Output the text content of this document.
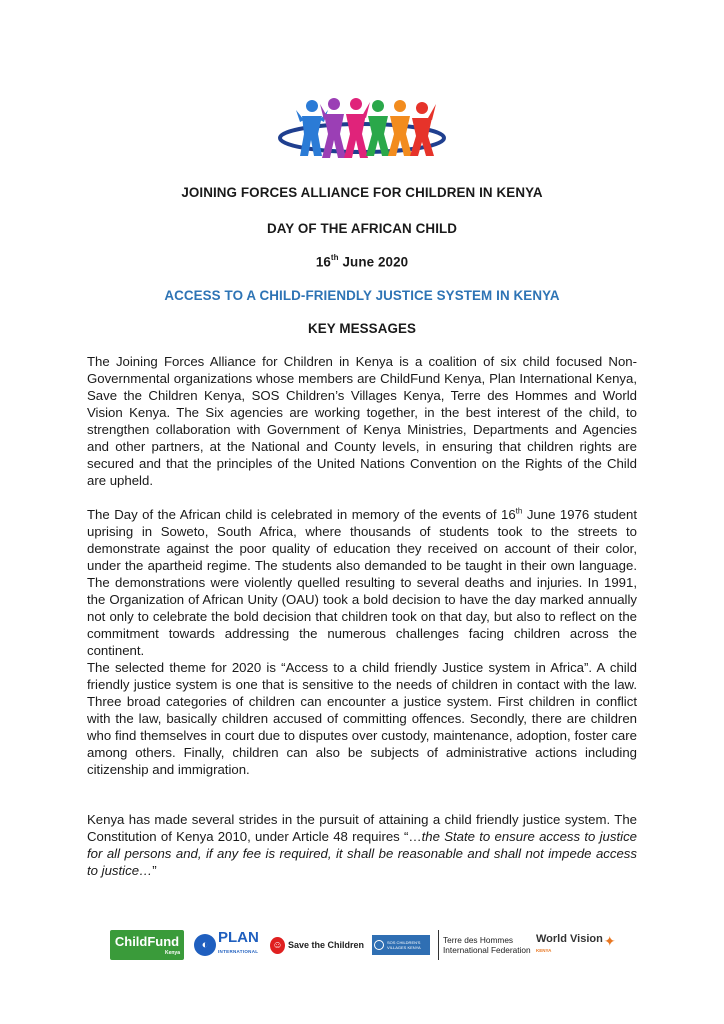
JOINING FORCES ALLIANCE FOR CHILDREN IN KENYA
DAY OF THE AFRICAN CHILD
16th June 2020
ACCESS TO A CHILD-FRIENDLY JUSTICE SYSTEM IN KENYA
KEY MESSAGES

The Joining Forces Alliance for Children in Kenya is a coalition of six child focused Non-Governmental organizations whose members are ChildFund Kenya, Plan International Kenya, Save the Children Kenya, SOS Children’s Villages Kenya, Terre des Hommes and World Vision Kenya. The Six agencies are working together, in the best interest of the child, to strengthen collaboration with Government of Kenya Ministries, Departments and Agencies and other partners, at the National and County levels, in ensuring that children rights are secured and that the principles of the United Nations Convention on the Rights of the Child are upheld.

The Day of the African child is celebrated in memory of the events of 16th June 1976 student uprising in Soweto, South Africa, where thousands of students took to the streets to demonstrate against the poor quality of education they received on account of their color, under the apartheid regime. The students also demanded to be taught in their own language. The demonstrations were violently quelled resulting to several deaths and injuries. In 1991, the Organization of African Unity (OAU) took a bold decision to have the day marked annually not only to celebrate the bold decision that children took on that day, but also to reflect on the commitment towards addressing the numerous challenges facing children across the continent.

The selected theme for 2020 is “Access to a child friendly Justice system in Africa”. A child friendly justice system is one that is sensitive to the needs of children in contact with the law. Three broad categories of children can encounter a justice system. First children in conflict with the law, basically children accused of committing offences. Secondly, there are children who find themselves in court due to disputes over custody, maintenance, adoption, foster care among others. Finally, children can also be subjects of administrative actions including citizenship and immigration.

Kenya has made several strides in the pursuit of attaining a child friendly justice system. The Constitution of Kenya 2010, under Article 48 requires “…the State to ensure access to justice for all persons and, if any fee is required, it shall be reasonable and shall not impede access to justice…”

ChildFund
Kenya
◐ PLAN
INTERNATIONAL
☺ Save the Children	SOS CHILDREN'S VILLAGES KENYA
Terre des Hommes
International Federation
World Vision
KENYA
✦
